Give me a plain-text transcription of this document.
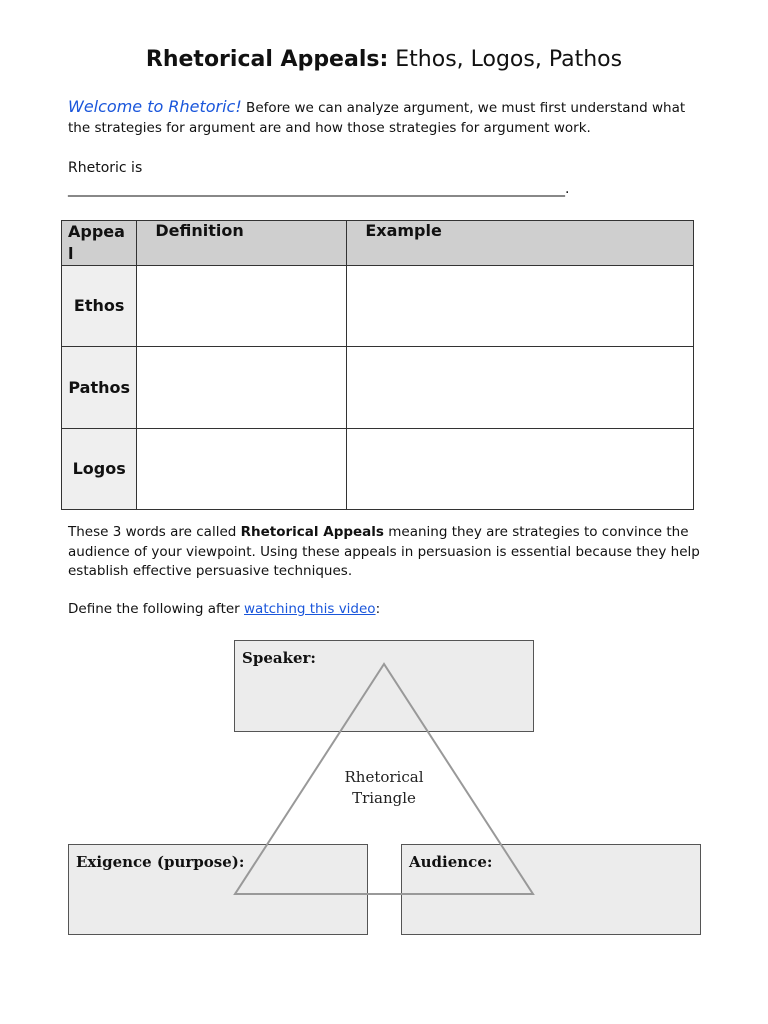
Rhetorical Appeals: Ethos, Logos, Pathos
Welcome to Rhetoric! Before we can analyze argument, we must first understand what the strategies for argument are and how those strategies for argument work.
Rhetoric is
_______________________________________________________________________.
Appeal	Definition	Example

Ethos		
Pathos		
Logos		
These 3 words are called Rhetorical Appeals meaning they are strategies to convince the audience of your viewpoint. Using these appeals in persuasion is essential because they help establish effective persuasive techniques.
Define the following after watching this video:
Speaker:
Exigence (purpose):	Audience:
Rhetorical
Triangle
